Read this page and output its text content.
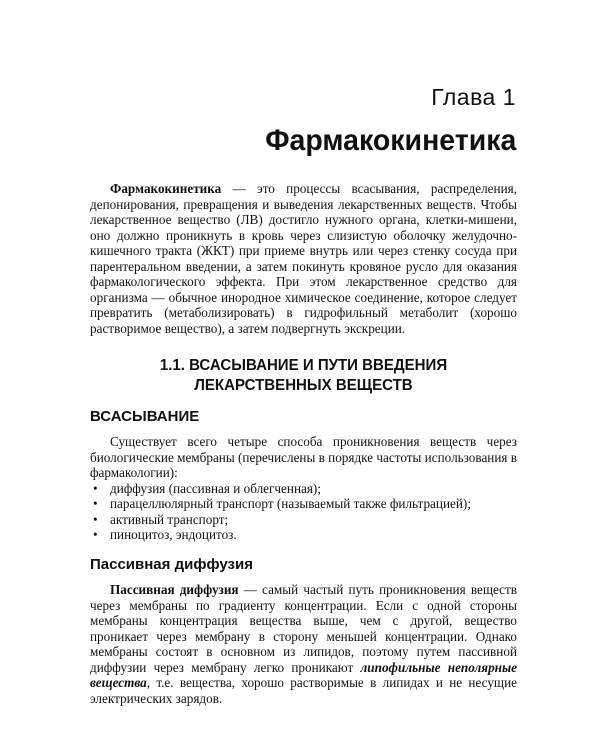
Глава 1
Фармакокинетика

Фармакокинетика — это процессы всасывания, распределения, депонирования, превращения и выведения лекарственных веществ. Чтобы лекарственное вещество (ЛВ) достигло нужного органа, клетки-мишени, оно должно проникнуть в кровь через слизистую оболочку желудочно-кишечного тракта (ЖКТ) при приеме внутрь или через стенку сосуда при парентеральном введении, а затем покинуть кровяное русло для оказания фармакологического эффекта. При этом лекарственное средство для организма — обычное инородное химическое соединение, которое следует превратить (метаболизировать) в гидрофильный метаболит (хорошо растворимое вещество), а затем подвергнуть экскреции.

1.1. ВСАСЫВАНИЕ И ПУТИ ВВЕДЕНИЯ
ЛЕКАРСТВЕННЫХ ВЕЩЕСТВ
ВСАСЫВАНИЕ

Существует всего четыре способа проникновения веществ через биологические мембраны (перечислены в порядке частоты использования в фармакологии):

• диффузия (пассивная и облегченная);
• парацеллюлярный транспорт (называемый также фильтрацией);
• активный транспорт;
• пиноцитоз, эндоцитоз.
Пассивная диффузия

Пассивная диффузия — самый частый путь проникновения веществ через мембраны по градиенту концентрации. Если с одной стороны мембраны концентрация вещества выше, чем с другой, вещество проникает через мембрану в сторону меньшей концентрации. Однако мембраны состоят в основном из липидов, поэтому путем пассивной диффузии через мембрану легко проникают липофильные неполярные вещества, т.е. вещества, хорошо растворимые в липидах и не несущие электрических зарядов.
